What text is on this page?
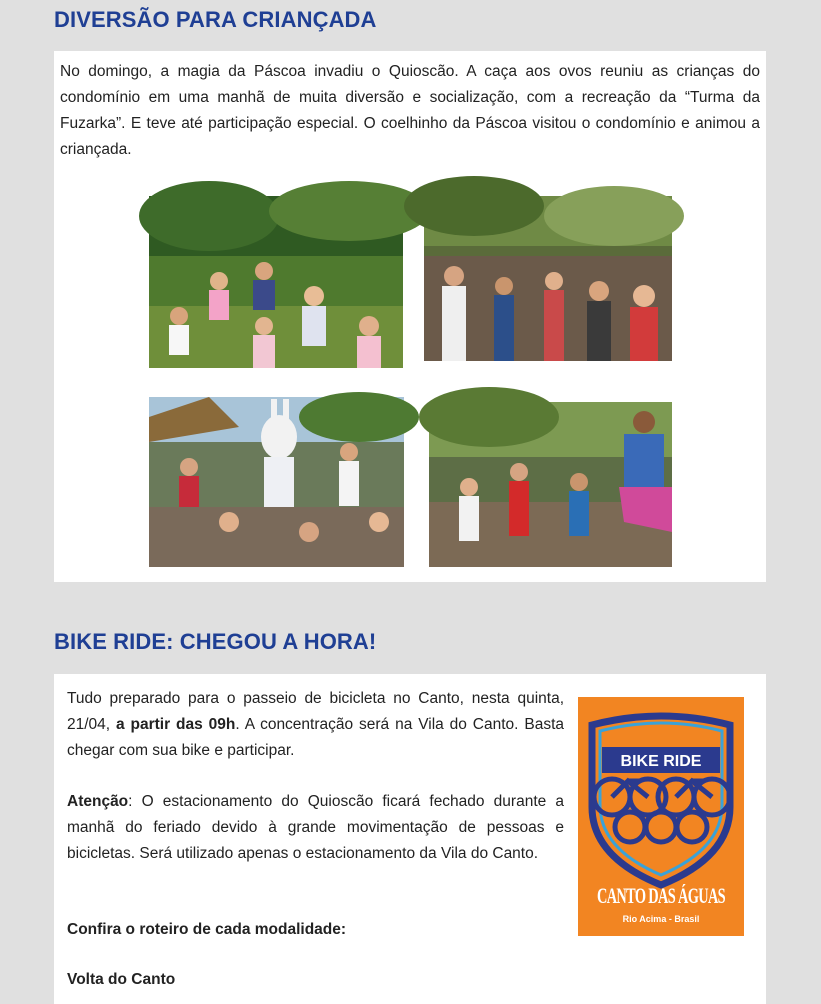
DIVERSÃO PARA CRIANÇADA

No domingo, a magia da Páscoa invadiu o Quioscão. A caça aos ovos reuniu as crianças do condomínio em uma manhã de muita diversão e socialização, com a recreação da “Turma da Fuzarka”. E teve até participação especial. O coelhinho da Páscoa visitou o condomínio e animou a criançada.

BIKE RIDE: CHEGOU A HORA!

Tudo preparado para o passeio de bicicleta no Canto, nesta quinta, 21/04, a partir das 09h. A concentração será na Vila do Canto. Basta chegar com sua bike e participar.

Atenção: O estacionamento do Quioscão ficará fechado durante a manhã do feriado devido à grande movimentação de pessoas e bicicletas. Será utilizado apenas o estacionamento da Vila do Canto.

Confira o roteiro de cada modalidade:

Volta do Canto

BIKE RIDE
CANTO DAS ÁGUAS
Rio Acima - Brasil
